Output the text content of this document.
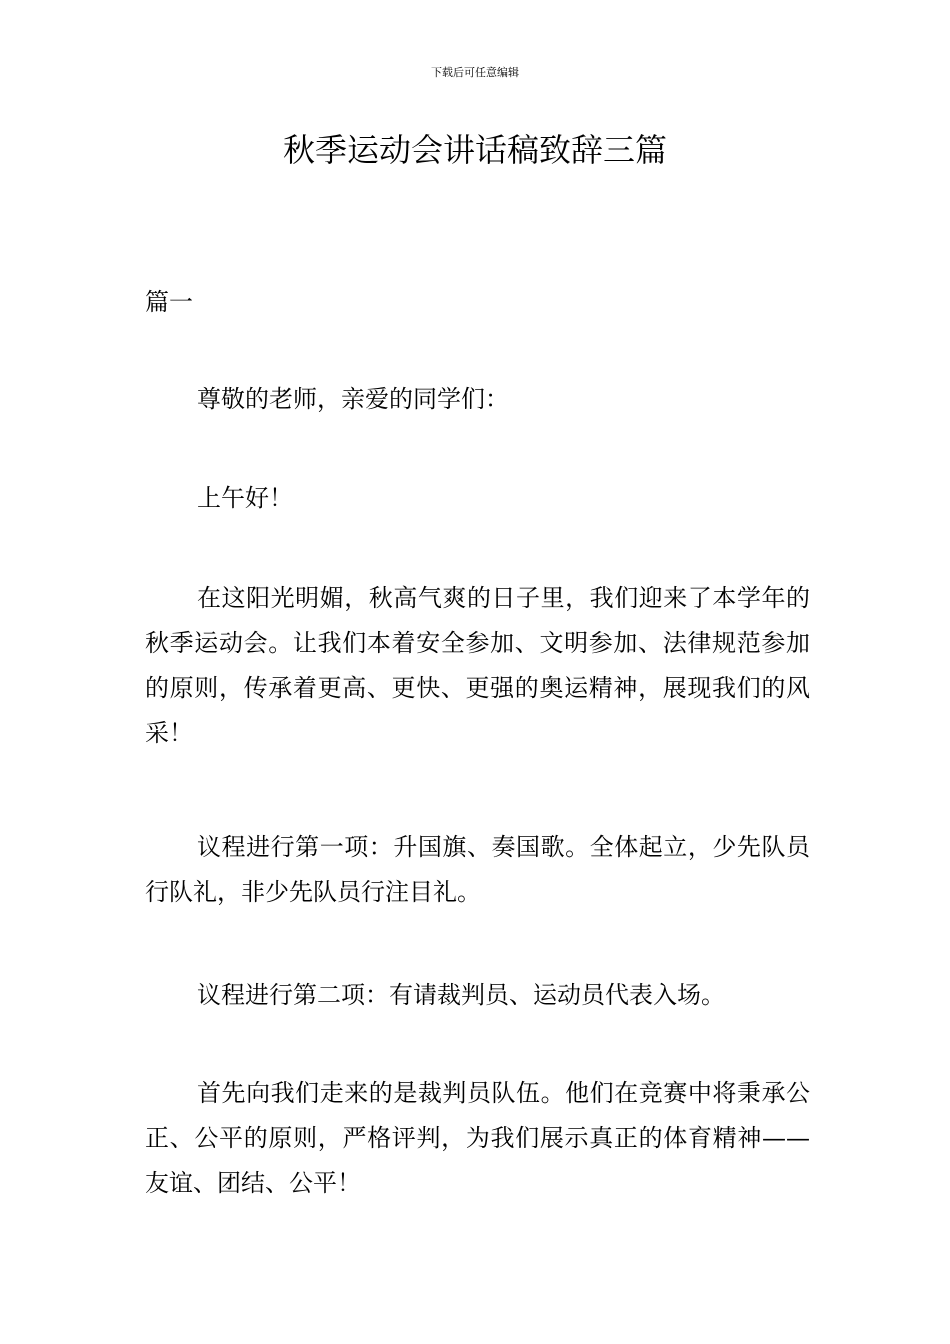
下载后可任意编辑
秋季运动会讲话稿致辞三篇

篇一

尊敬的老师，亲爱的同学们：

上午好！

在这阳光明媚，秋高气爽的日子里，我们迎来了本学年的秋季运动会。让我们本着安全参加、文明参加、法律规范参加的原则，传承着更高、更快、更强的奥运精神，展现我们的风采！

议程进行第一项：升国旗、奏国歌。全体起立，少先队员行队礼，非少先队员行注目礼。

议程进行第二项：有请裁判员、运动员代表入场。

首先向我们走来的是裁判员队伍。他们在竞赛中将秉承公正、公平的原则，严格评判，为我们展示真正的体育精神——友谊、团结、公平！
